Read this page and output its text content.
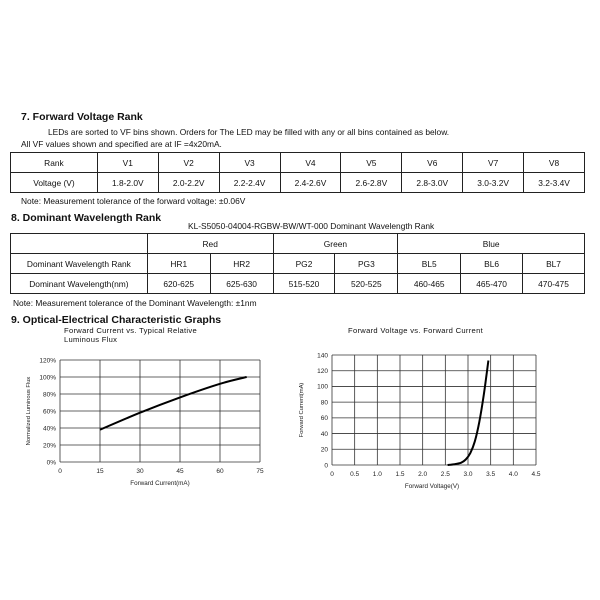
7. Forward Voltage Rank
LEDs are sorted to VF bins shown. Orders for The LED may be filled with any or all bins contained as below.
All VF values shown and specified are at IF =4x20mA.
Rank	V1	V2	V3	V4	V5	V6	V7	V8
Voltage (V)	1.8-2.0V	2.0-2.2V	2.2-2.4V	2.4-2.6V	2.6-2.8V	2.8-3.0V	3.0-3.2V	3.2-3.4V
Note: Measurement tolerance of the forward voltage: ±0.06V
8. Dominant Wavelength Rank
KL-S5050-04004-RGBW-BW/WT-000 Dominant Wavelength Rank
	Red		Green		Blue		
Dominant Wavelength Rank	HR1	HR2	PG2	PG3	BL5	BL6	BL7
Dominant Wavelength(nm)	620-625	625-630	515-520	520-525	460-465	465-470	470-475
Note: Measurement tolerance of the Dominant Wavelength: ±1nm
9. Optical-Electrical Characteristic Graphs
Forward Current vs. Typical Relative
Luminous Flux
Forward Voltage vs. Forward Current
0	15	30	45	60	75
0%
20%
40%
60%
80%
100%
120%
Forward Current(mA)
Normalized Luminous Flux
0	0.5 1.0 1.5 2.0 2.5 3.0 3.5 4.0 4.5
0
20
40
60
80
100
120
140
Forward Voltage(V)
Forward Current(mA)
